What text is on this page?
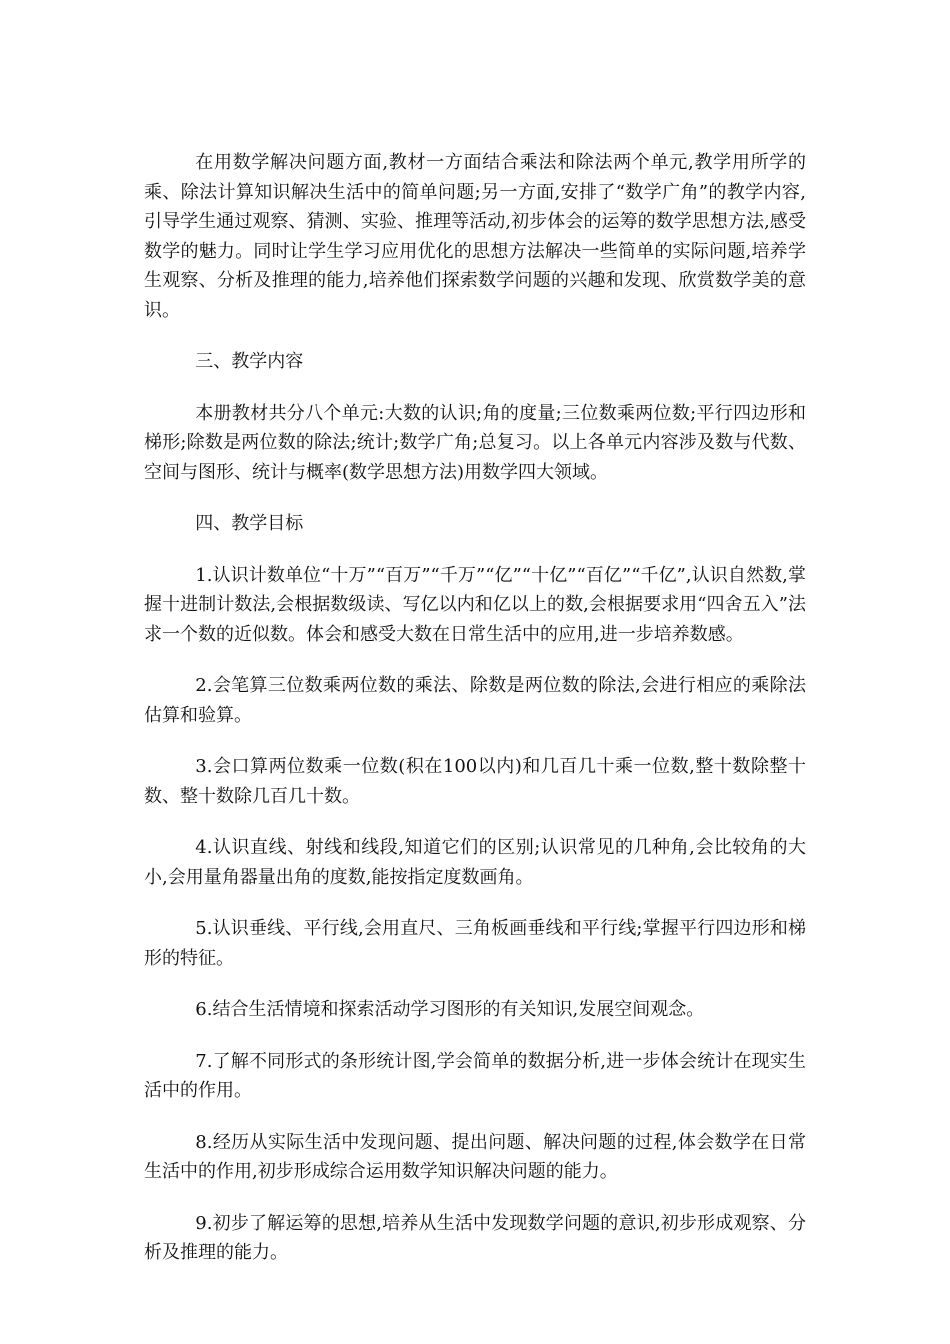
在用数学解决问题方面,教材一方面结合乘法和除法两个单元,教学用所学的乘、除法计算知识解决生活中的简单问题;另一方面,安排了“数学广角”的教学内容,引导学生通过观察、猜测、实验、推理等活动,初步体会的运筹的数学思想方法,感受数学的魅力。同时让学生学习应用优化的思想方法解决一些简单的实际问题,培养学生观察、分析及推理的能力,培养他们探索数学问题的兴趣和发现、欣赏数学美的意识。

三、教学内容

本册教材共分八个单元:大数的认识;角的度量;三位数乘两位数;平行四边形和梯形;除数是两位数的除法;统计;数学广角;总复习。以上各单元内容涉及数与代数、空间与图形、统计与概率(数学思想方法)用数学四大领域。

四、教学目标

1.认识计数单位“十万”“百万”“千万”“亿”“十亿”“百亿”“千亿”,认识自然数,掌握十进制计数法,会根据数级读、写亿以内和亿以上的数,会根据要求用“四舍五入”法求一个数的近似数。体会和感受大数在日常生活中的应用,进一步培养数感。

2.会笔算三位数乘两位数的乘法、除数是两位数的除法,会进行相应的乘除法估算和验算。

3.会口算两位数乘一位数(积在100以内)和几百几十乘一位数,整十数除整十数、整十数除几百几十数。

4.认识直线、射线和线段,知道它们的区别;认识常见的几种角,会比较角的大小,会用量角器量出角的度数,能按指定度数画角。

5.认识垂线、平行线,会用直尺、三角板画垂线和平行线;掌握平行四边形和梯形的特征。

6.结合生活情境和探索活动学习图形的有关知识,发展空间观念。

7.了解不同形式的条形统计图,学会简单的数据分析,进一步体会统计在现实生活中的作用。

8.经历从实际生活中发现问题、提出问题、解决问题的过程,体会数学在日常生活中的作用,初步形成综合运用数学知识解决问题的能力。

9.初步了解运筹的思想,培养从生活中发现数学问题的意识,初步形成观察、分析及推理的能力。
